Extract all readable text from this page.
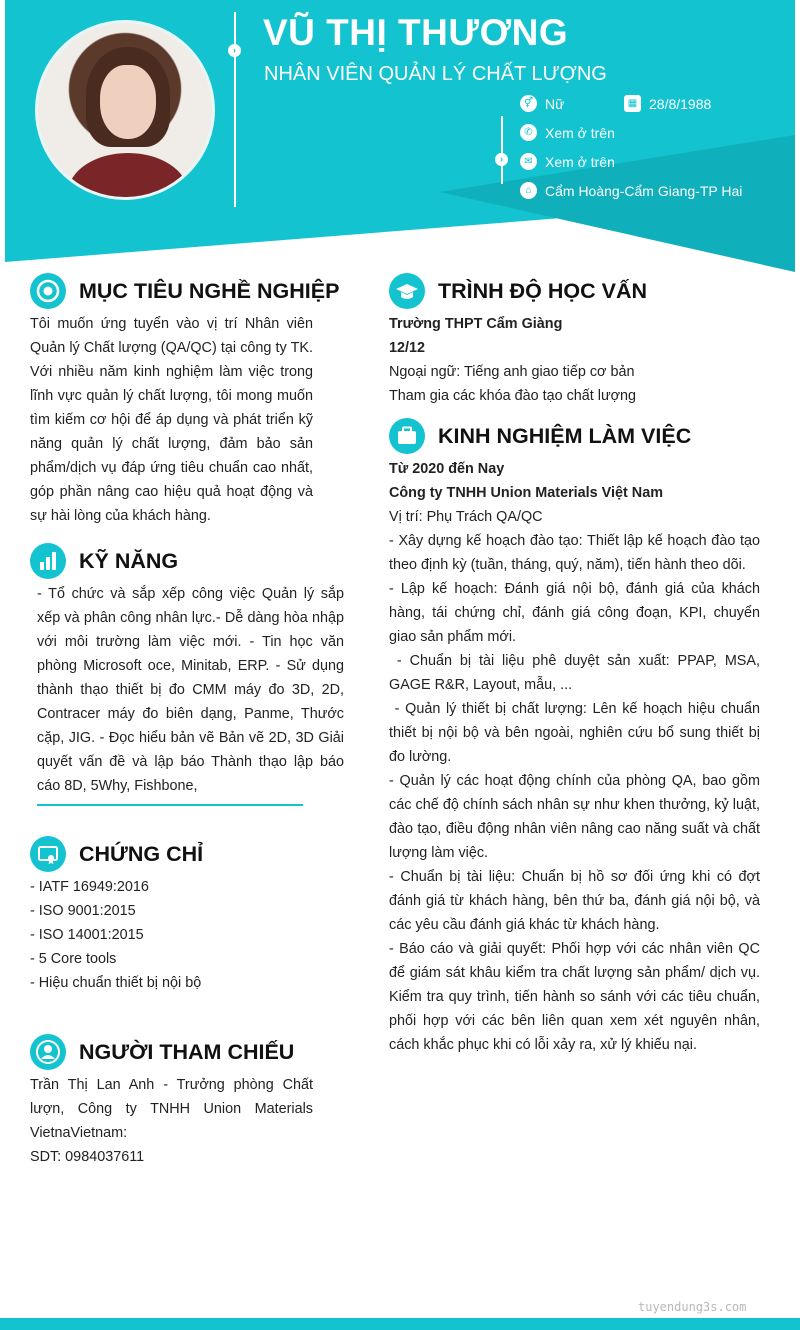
›
›
VŨ THỊ THƯƠNG
NHÂN VIÊN QUẢN LÝ CHẤT LƯỢNG
⚥ Nữ	▦ 28/8/1988
✆ Xem ở trên
✉ Xem ở trên
⌂ Cẩm Hoàng-Cẩm Giang-TP Hai
MỤC TIÊU NGHỀ NGHIỆP
Tôi muốn ứng tuyển vào vị trí Nhân viên Quản lý Chất lượng (QA/QC) tại công ty TK. Với nhiều năm kinh nghiệm làm việc trong lĩnh vực quản lý chất lượng, tôi mong muốn tìm kiếm cơ hội để áp dụng và phát triển kỹ năng quản lý chất lượng, đảm bảo sản phẩm/dịch vụ đáp ứng tiêu chuẩn cao nhất, góp phần nâng cao hiệu quả hoạt động và sự hài lòng của khách hàng.
KỸ NĂNG
- Tổ chức và sắp xếp công việc Quản lý sắp xếp và phân công nhân lực.- Dễ dàng hòa nhập với môi trường làm việc mới. - Tin học văn phòng Microsoft oce, Minitab, ERP. - Sử dụng thành thạo thiết bị đo CMM máy đo 3D, 2D, Contracer máy đo biên dạng, Panme, Thước cặp, JIG. - Đọc hiểu bản vẽ Bản vẽ 2D, 3D Giải quyết vấn đề và lập báo Thành thạo lập báo cáo 8D, 5Why, Fishbone,
CHỨNG CHỈ
- IATF 16949:2016
- ISO 9001:2015
- ISO 14001:2015
- 5 Core tools
- Hiệu chuẩn thiết bị nội bộ
NGƯỜI THAM CHIẾU
Trần Thị Lan Anh - Trưởng phòng Chất lượn, Công ty TNHH Union Materials VietnaVietnam:
SDT: 0984037611
TRÌNH ĐỘ HỌC VẤN
Trường THPT Cẩm Giàng
12/12
Ngoại ngữ: Tiếng anh giao tiếp cơ bản
Tham gia các khóa đào tạo chất lượng
KINH NGHIỆM LÀM VIỆC
Từ 2020 đến Nay
Công ty TNHH Union Materials Việt Nam
Vị trí: Phụ Trách QA/QC
- Xây dựng kế hoạch đào tạo: Thiết lập kế hoạch đào tạo theo định kỳ (tuần, tháng, quý, năm), tiến hành theo dõi.
- Lập kế hoạch: Đánh giá nội bộ, đánh giá của khách hàng, tái chứng chỉ, đánh giá công đoạn, KPI, chuyển giao sản phẩm mới.
- Chuẩn bị tài liệu phê duyệt sản xuất: PPAP, MSA, GAGE R&R, Layout, mẫu, ...
- Quản lý thiết bị chất lượng: Lên kế hoạch hiệu chuẩn thiết bị nội bộ và bên ngoài, nghiên cứu bổ sung thiết bị đo lường.
- Quản lý các hoạt động chính của phòng QA, bao gồm các chế độ chính sách nhân sự như khen thưởng, kỷ luật, đào tạo, điều động nhân viên nâng cao năng suất và chất lượng làm việc.
- Chuẩn bị tài liệu: Chuẩn bị hồ sơ đối ứng khi có đợt đánh giá từ khách hàng, bên thứ ba, đánh giá nội bộ, và các yêu cầu đánh giá khác từ khách hàng.
- Báo cáo và giải quyết: Phối hợp với các nhân viên QC để giám sát khâu kiểm tra chất lượng sản phẩm/ dịch vụ. Kiểm tra quy trình, tiến hành so sánh với các tiêu chuẩn, phối hợp với các bên liên quan xem xét nguyên nhân, cách khắc phục khi có lỗi xảy ra, xử lý khiếu nại.
tuyendung3s.com
